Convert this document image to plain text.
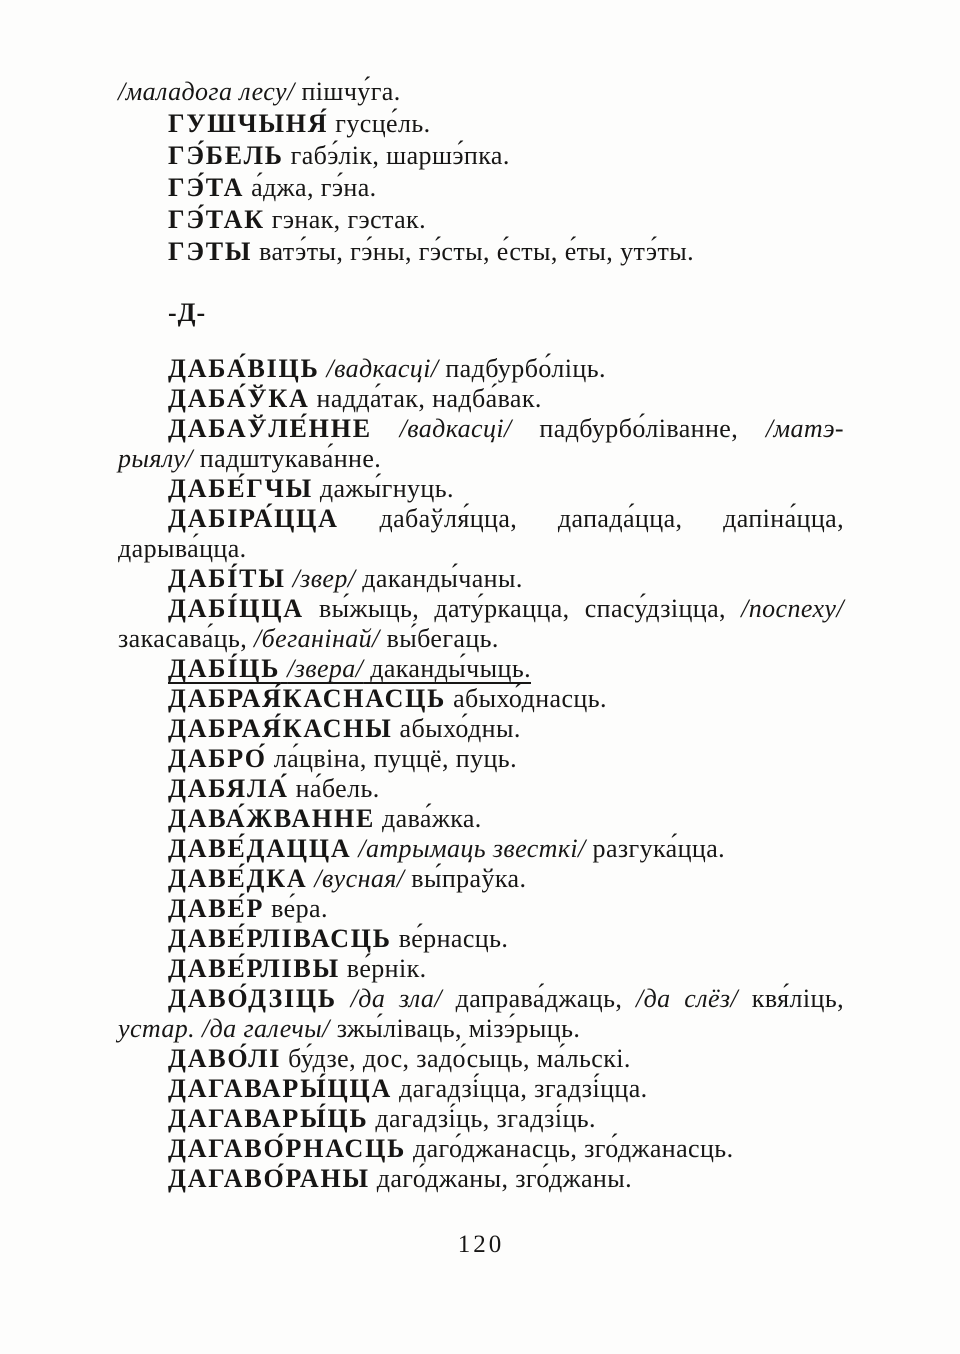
/маладога лесу/ пішчу́га.
ГУШЧЫНЯ́ гусце́ль.
ГЭ́БЕЛЬ габэ́лік, шаршэ́пка.
ГЭ́ТА а́джа, гэ́на.
ГЭ́ТАК гэнак, гэстак.
ГЭТЫ ватэ́ты, гэ́ны, гэ́сты, е́сты, е́ты, утэ́ты.
-Д-
ДАБА́ВІЦЬ /вадкасці/ падбурбо́ліць.
ДАБА́ЎКА надда́так, надба́вак.
ДАБАЎЛЕ́ННЕ /вадкасці/ падбурбо́ліванне, /матэ-
рыялу/ падштукава́нне.
ДАБЕ́ГЧЫ дажы́гнуць.
ДАБІРА́ЦЦА дабаўля́цца, дапада́цца, дапіна́цца,
дарыва́цца.
ДАБІ́ТЫ /звер/ даканды́чаны.
ДАБІ́ЦЦА вы́жыць, дату́ркацца, спасу́дзіцца, /поспеху/
закасава́ць, /беганінай/ вы́бегаць.
ДАБІ́ЦЬ /звера/ даканды́чыць.
ДАБРАЯ́КАСНАСЦЬ абыхо́днасць.
ДАБРАЯ́КАСНЫ абыхо́дны.
ДАБРО́ ла́цвіна, пуццё, пуць.
ДАБЯЛА́ на́бель.
ДАВА́ЖВАННЕ дава́жка.
ДАВЕ́ДАЦЦА /атрымаць звесткі/ разгука́цца.
ДАВЕ́ДКА /вусная/ вы́праўка.
ДАВЕ́Р ве́ра.
ДАВЕ́РЛІВАСЦЬ ве́рнасць.
ДАВЕ́РЛІВЫ ве́рнік.
ДАВО́ДЗІЦЬ /да зла/ даправа́джаць, /да слёз/ квя́ліць,
устар. /да галечы/ зжы́ліваць, мізэ́рыць.
ДАВО́ЛІ бу́дзе, дос, задо́сыць, ма́льскі.
ДАГАВАРЫ́ЦЦА дагадзі́цца, згадзі́цца.
ДАГАВАРЫ́ЦЬ дагадзі́ць, згадзі́ць.
ДАГАВО́РНАСЦЬ даго́джанасць, зго́джанасць.
ДАГАВО́РАНЫ даго́джаны, зго́джаны.
120
